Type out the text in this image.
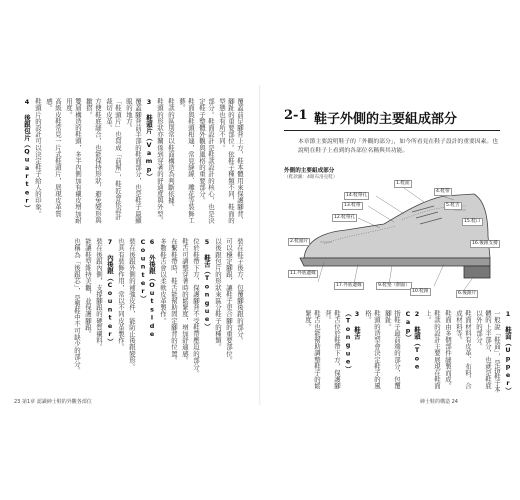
覆蓋前足腳背上方，鞋本體用來保護腳背、腳趾的重要部位。依鞋子種類不同，鞋面的型態也有所不同。

部分。鞋面設計是鞋款設計的核心，也是決定鞋子整體外觀與風格的重要部分。

鞋面與鞋頭相連，常見縫線、雕花等裝飾工藝。

鞋款的區別常以鞋面構造為判斷依據。

鞋頭的形狀亦關係到穿著的舒適度與外型。

3 鞋頭片（Vamp）

覆蓋腳背前半部的鞋面部分，也是鞋子最顯眼的地方。

「鞋頭片」也寫成「前幫」，鞋匠會依設計裁切皮革。

方便鞋底縫合，也能保持形狀，避免變形與皺摺。

雙層構造的鞋頭，多半內側加有襯皮增加耐用度。

高級皮鞋常見一片式鞋頭片，展現皮革質感。

鞋頭片的設計可以決定鞋子給人的印象。

4 後跟包片（Quarter）

裝在鞋子後方，包覆腳後跟的部分。

可以穩定腳跟，讓鞋子更合腳的重要部位。

以後跟包片的形狀來區分鞋子的種類。

5 鞋舌（Tongue）

位於鞋帶下方，保護腳背不受鞋帶壓迫的部分。

鞋舌可調整穿著時的鬆緊度，增加舒適感。

在繫鞋帶時，鞋舌能幫助固定腳背的位置。

多數鞋舌會以柔軟皮革製作。

6 外後跟（Outside Counter）

裝在後跟外側的補強皮件，能防止後跟變形。

也具有裝飾作用，常以不同皮革製作。

7 內後跟（Counter）

裝在後跟內側，支撐腳跟的硬質襯料。

能讓鞋型維持美觀，並保護腳跟。

也稱為「後跟芯」，是製鞋中不可缺少的部分。

2-1 鞋子外側的主要組成部分
本章節主要說明鞋子的「外觀的部分」，如今所看見在鞋子設計的重要因素。也說明在鞋子上看到的各部位名稱與其功能。
外側的主要組成部分
（鞋款圖：4眼布洛克鞋）
1.鞋面
2.鞋頭片
14.鞋帶孔
13.鞋帶
12.鞋帶孔
4.鞋帶
5.鞋舌
15.鞋口
16.後跟支撐
11.外底邊緣
17.外底邊緣	9.鞋墊（側面）
10.鞋跟	6.後跟片

1 鞋面（Upper）

一般說「鞋面」，是指鞋子本體的上半部分，也就是鞋底以外的部分。

鞋面材料有皮革、布料、合成材料等。

鞋面由多個部件縫製而成。

鞋款的設計主要展現在鞋面上。

2 鞋頭（Toe Cap）

指鞋子最前端的部分，包覆腳趾。

鞋頭的造型會決定鞋子的風格。

3 鞋舌（Tongue）

鞋舌位於鞋帶下方，保護腳背。

鞋舌也能幫助調整鞋子的鬆緊度。

23 第1章 認識紳士鞋的外觀各部位	紳士鞋的構造 24
